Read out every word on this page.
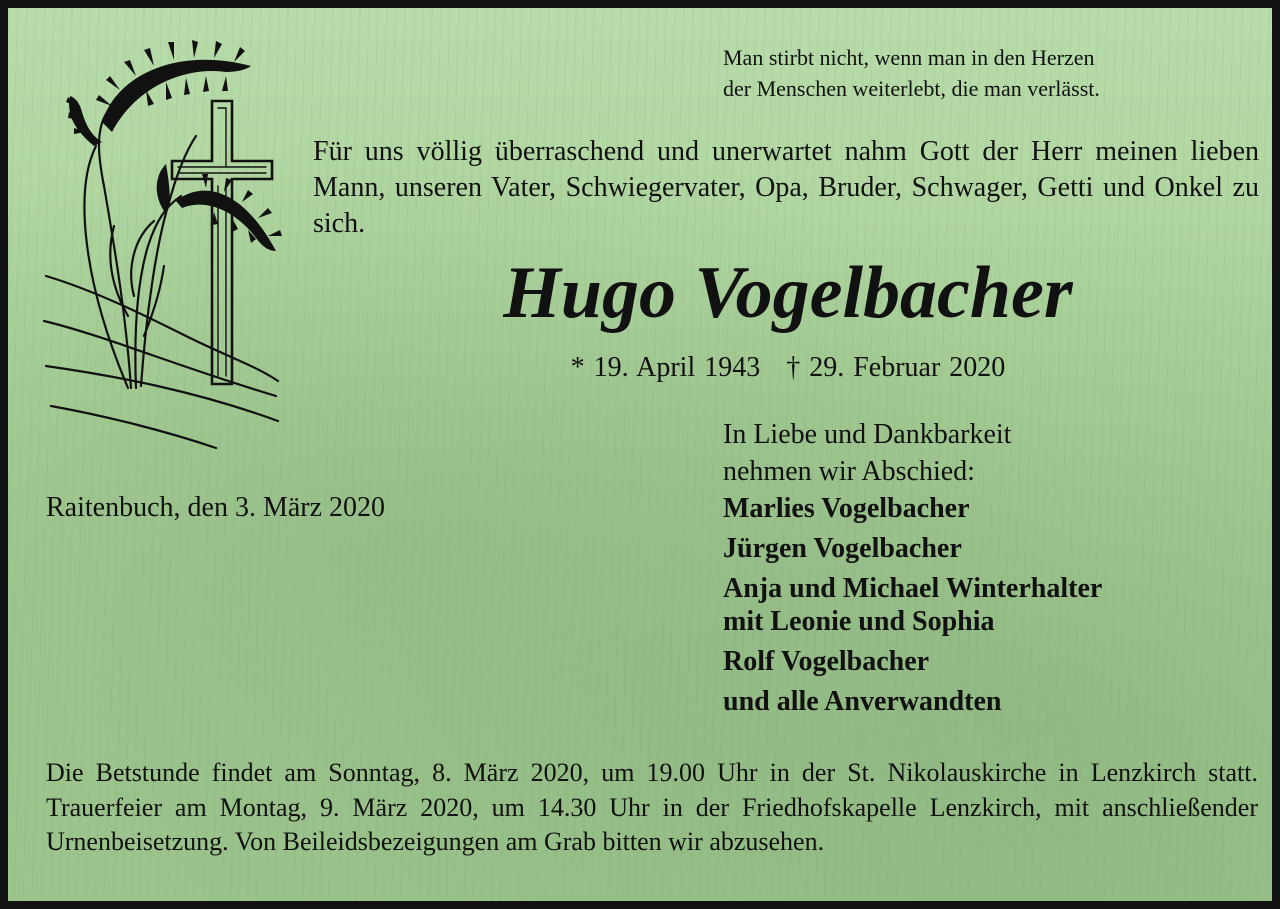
Man stirbt nicht, wenn man in den Herzen
der Menschen weiterlebt, die man verlässt.
Für uns völlig überraschend und unerwartet nahm Gott der Herr meinen lieben Mann, unseren Vater, Schwiegervater, Opa, Bruder, Schwager, Getti und Onkel zu sich.
Hugo Vogelbacher
* 19. April 1943 † 29. Februar 2020
In Liebe und Dankbarkeit
nehmen wir Abschied:
Marlies Vogelbacher
Jürgen Vogelbacher
Anja und Michael Winterhalter
mit Leonie und Sophia
Rolf Vogelbacher
und alle Anverwandten
Raitenbuch, den 3. März 2020
Die Betstunde findet am Sonntag, 8. März 2020, um 19.00 Uhr in der St. Nikolauskirche in Lenzkirch statt. Trauerfeier am Montag, 9. März 2020, um 14.30 Uhr in der Friedhofskapelle Lenzkirch, mit anschließender Urnenbeisetzung. Von Beileidsbezeigungen am Grab bitten wir abzusehen.
